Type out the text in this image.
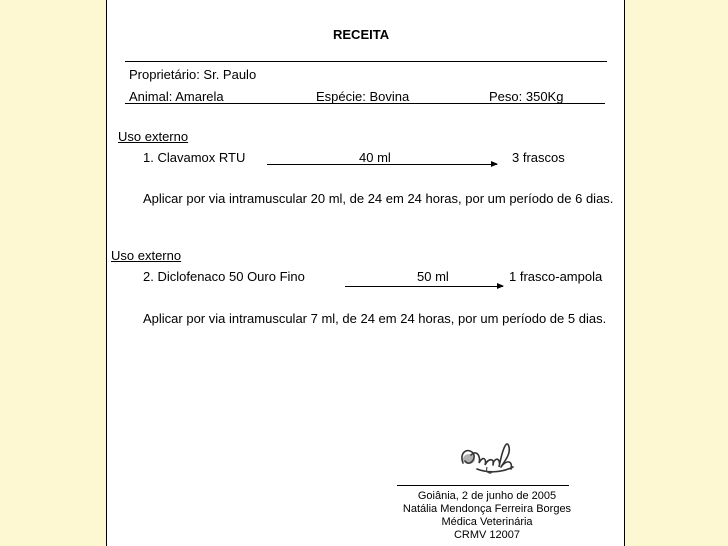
RECEITA
Proprietário: Sr. Paulo
Animal: Amarela	Espécie: Bovina	Peso: 350Kg
Uso externo
1. Clavamox RTU	40 ml	3 frascos
Aplicar por via intramuscular 20 ml, de 24 em 24 horas, por um período de 6 dias.
Uso externo
2. Diclofenaco 50 Ouro Fino	50 ml	1 frasco-ampola
Aplicar por via intramuscular 7 ml, de 24 em 24 horas, por um período de 5 dias.
Goiânia, 2 de junho de 2005
Natália Mendonça Ferreira Borges
Médica Veterinária
CRMV 12007
